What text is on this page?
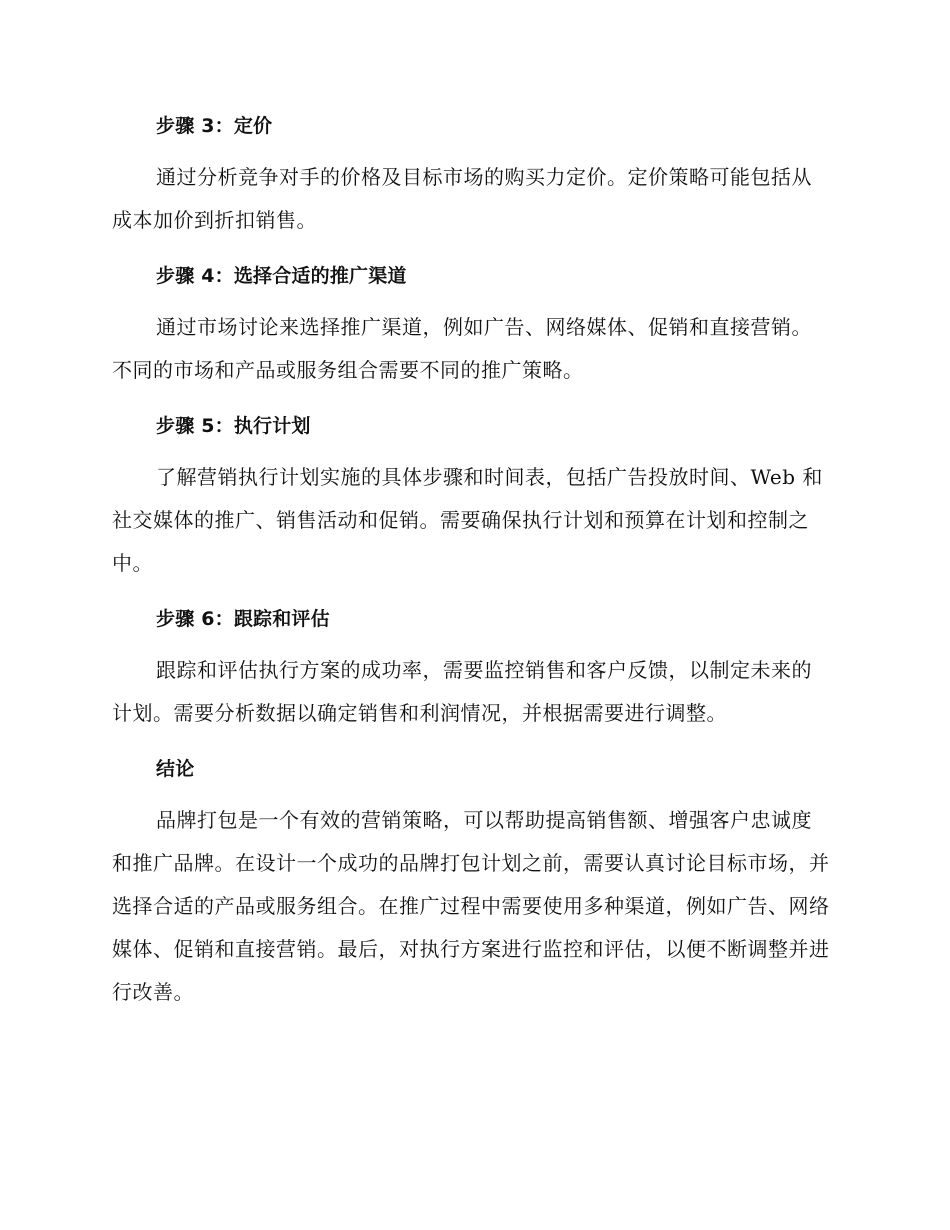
步骤 3：定价

通过分析竞争对手的价格及目标市场的购买力定价。定价策略可能包括从成本加价到折扣销售。

步骤 4：选择合适的推广渠道

通过市场讨论来选择推广渠道，例如广告、网络媒体、促销和直接营销。不同的市场和产品或服务组合需要不同的推广策略。

步骤 5：执行计划

了解营销执行计划实施的具体步骤和时间表，包括广告投放时间、Web 和社交媒体的推广、销售活动和促销。需要确保执行计划和预算在计划和控制之中。

步骤 6：跟踪和评估

跟踪和评估执行方案的成功率，需要监控销售和客户反馈，以制定未来的计划。需要分析数据以确定销售和利润情况，并根据需要进行调整。

结论

品牌打包是一个有效的营销策略，可以帮助提高销售额、增强客户忠诚度和推广品牌。在设计一个成功的品牌打包计划之前，需要认真讨论目标市场，并选择合适的产品或服务组合。在推广过程中需要使用多种渠道，例如广告、网络媒体、促销和直接营销。最后，对执行方案进行监控和评估，以便不断调整并进行改善。
